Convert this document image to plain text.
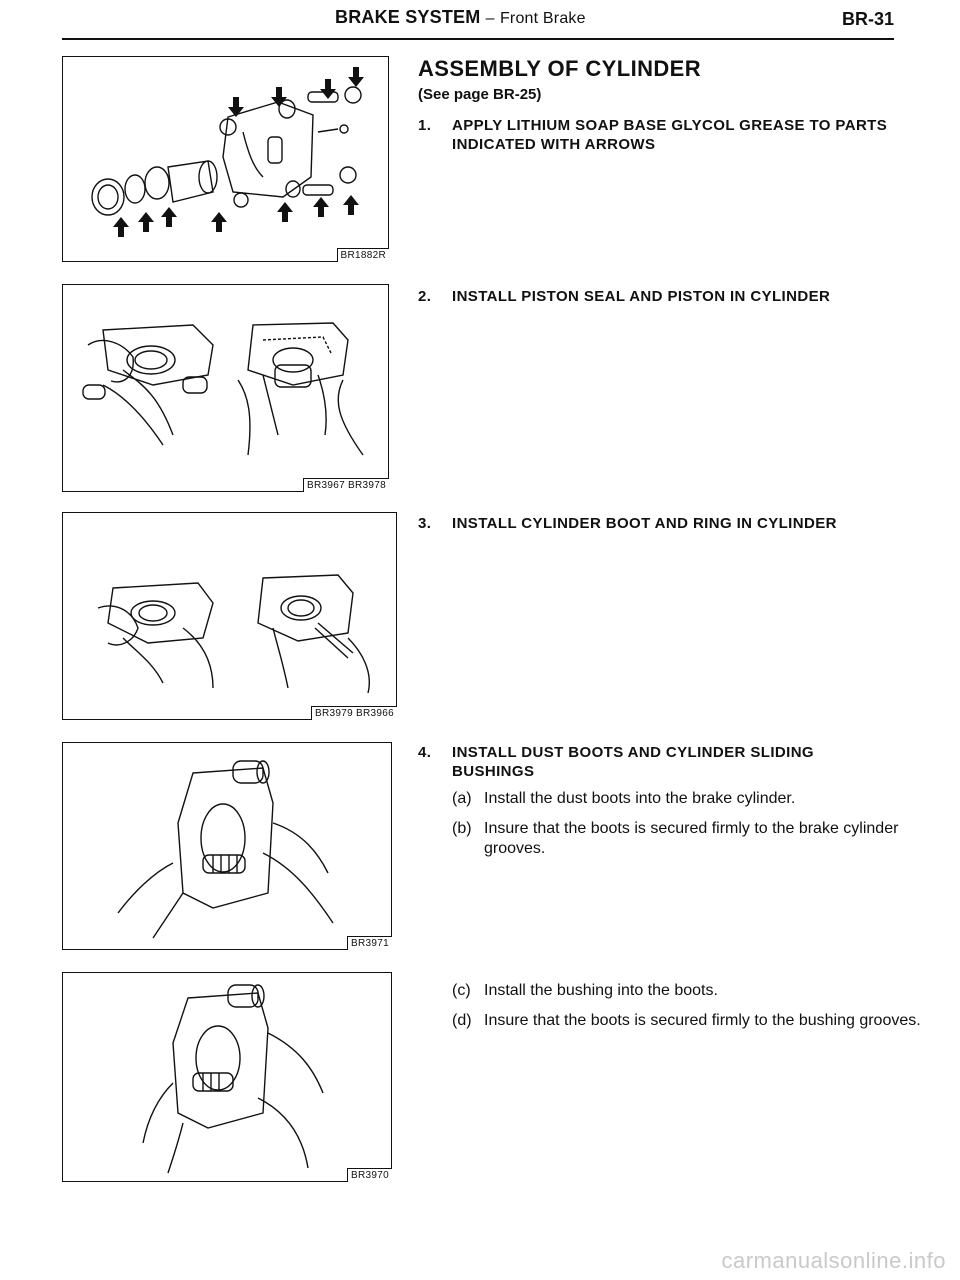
BRAKE SYSTEM – Front Brake	BR-31
BR1882R
BR3967 BR3978
BR3979 BR3966
BR3971
BR3970
ASSEMBLY OF CYLINDER
(See page BR-25)
1. APPLY LITHIUM SOAP BASE GLYCOL GREASE TO PARTS INDICATED WITH ARROWS
2. INSTALL PISTON SEAL AND PISTON IN CYLINDER
3. INSTALL CYLINDER BOOT AND RING IN CYLINDER
4. INSTALL DUST BOOTS AND CYLINDER SLIDING BUSHINGS
(a) Install the dust boots into the brake cylinder.
(b) Insure that the boots is secured firmly to the brake cylinder grooves.
(c) Install the bushing into the boots.
(d) Insure that the boots is secured firmly to the bushing grooves.
carmanualsonline.info
